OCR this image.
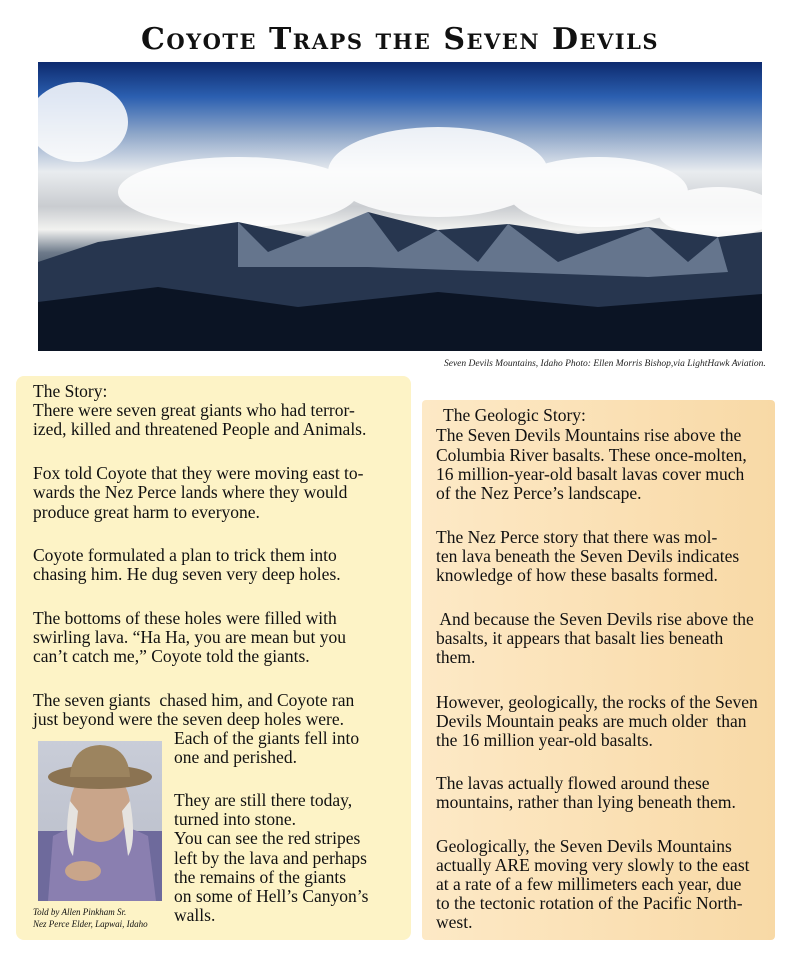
Coyote Traps the Seven Devils
Seven Devils Mountains, Idaho Photo: Ellen Morris Bishop,via LightHawk Aviation.
The Story:
There were seven great giants who had terror-
ized, killed and threatened People and Animals.
Fox told Coyote that they were moving east to-
wards the Nez Perce lands where they would
produce great harm to everyone.
Coyote formulated a plan to trick them into
chasing him. He dug seven very deep holes.
The bottoms of these holes were filled with
swirling lava. “Ha Ha, you are mean but you
can’t catch me,” Coyote told the giants.
The seven giants  chased him, and Coyote ran
just beyond were the seven deep holes were.
Each of the giants fell into
one and perished.
They are still there today,
turned into stone.
You can see the red stripes
left by the lava and perhaps
the remains of the giants
on some of Hell’s Canyon’s
walls.
The Geologic Story:
The Seven Devils Mountains rise above the
Columbia River basalts. These once-molten,
16 million-year-old basalt lavas cover much
of the Nez Perce’s landscape.
The Nez Perce story that there was mol-
ten lava beneath the Seven Devils indicates
knowledge of how these basalts formed.
And because the Seven Devils rise above the
basalts, it appears that basalt lies beneath
them.
However, geologically, the rocks of the Seven
Devils Mountain peaks are much older  than
the 16 million year-old basalts.
The lavas actually flowed around these
mountains, rather than lying beneath them.
Geologically, the Seven Devils Mountains
actually ARE moving very slowly to the east
at a rate of a few millimeters each year, due
to the tectonic rotation of the Pacific North-
west.
Told by Allen Pinkham Sr.
Nez Perce Elder, Lapwai, Idaho
